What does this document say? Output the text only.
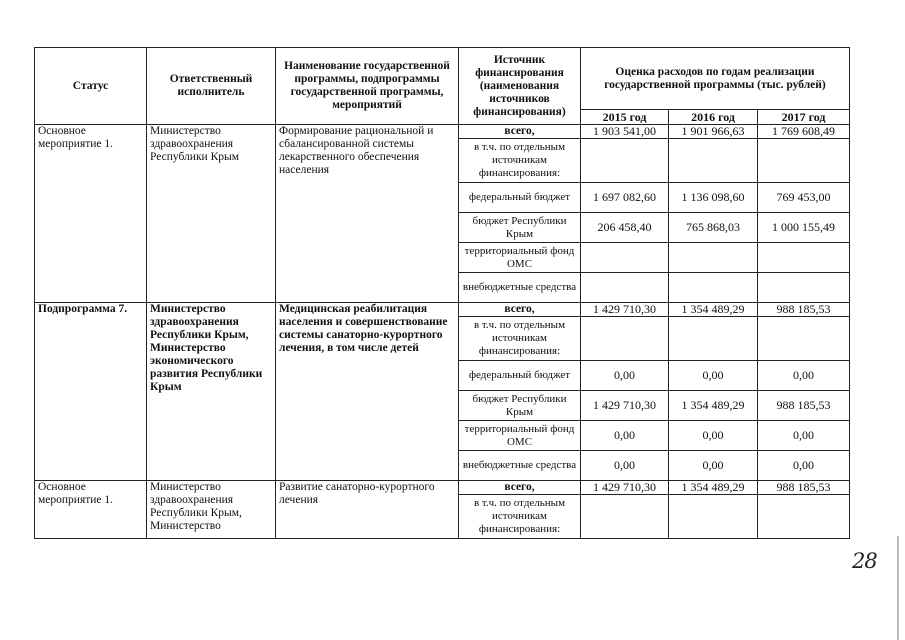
Статус	Ответственный исполнитель	Наименование государственной программы, подпрограммы государственной программы, мероприятий	Источник финансирования (наименования источников финансирования)	Оценка расходов по годам реализации государственной программы (тыс. рублей)		
				2015 год	2016 год	2017 год
Основное мероприятие 1.	Министерство здравоохранения Республики Крым	Формирование рациональной и сбалансированной системы лекарственного обеспечения населения	всего,	1 903 541,00	1 901 966,63	1 769 608,49
			в т.ч. по отдельным источникам финансирования:			
			федеральный бюджет	1 697 082,60	1 136 098,60	769 453,00
			бюджет Республики Крым	206 458,40	765 868,03	1 000 155,49
			территориальный фонд ОМС			
			внебюджетные средства			
Подпрограмма 7.	Министерство здравоохранения Республики Крым, Министерство экономического развития Республики Крым	Медицинская реабилитация населения и совершенствование системы санаторно-курортного лечения, в том числе детей	всего,	1 429 710,30	1 354 489,29	988 185,53
			в т.ч. по отдельным источникам финансирования:			
			федеральный бюджет	0,00	0,00	0,00
			бюджет Республики Крым	1 429 710,30	1 354 489,29	988 185,53
			территориальный фонд ОМС	0,00	0,00	0,00
			внебюджетные средства	0,00	0,00	0,00
Основное мероприятие 1.	Министерство здравоохранения Республики Крым, Министерство	Развитие санаторно-курортного лечения	всего,	1 429 710,30	1 354 489,29	988 185,53
			в т.ч. по отдельным источникам финансирования:			
28
